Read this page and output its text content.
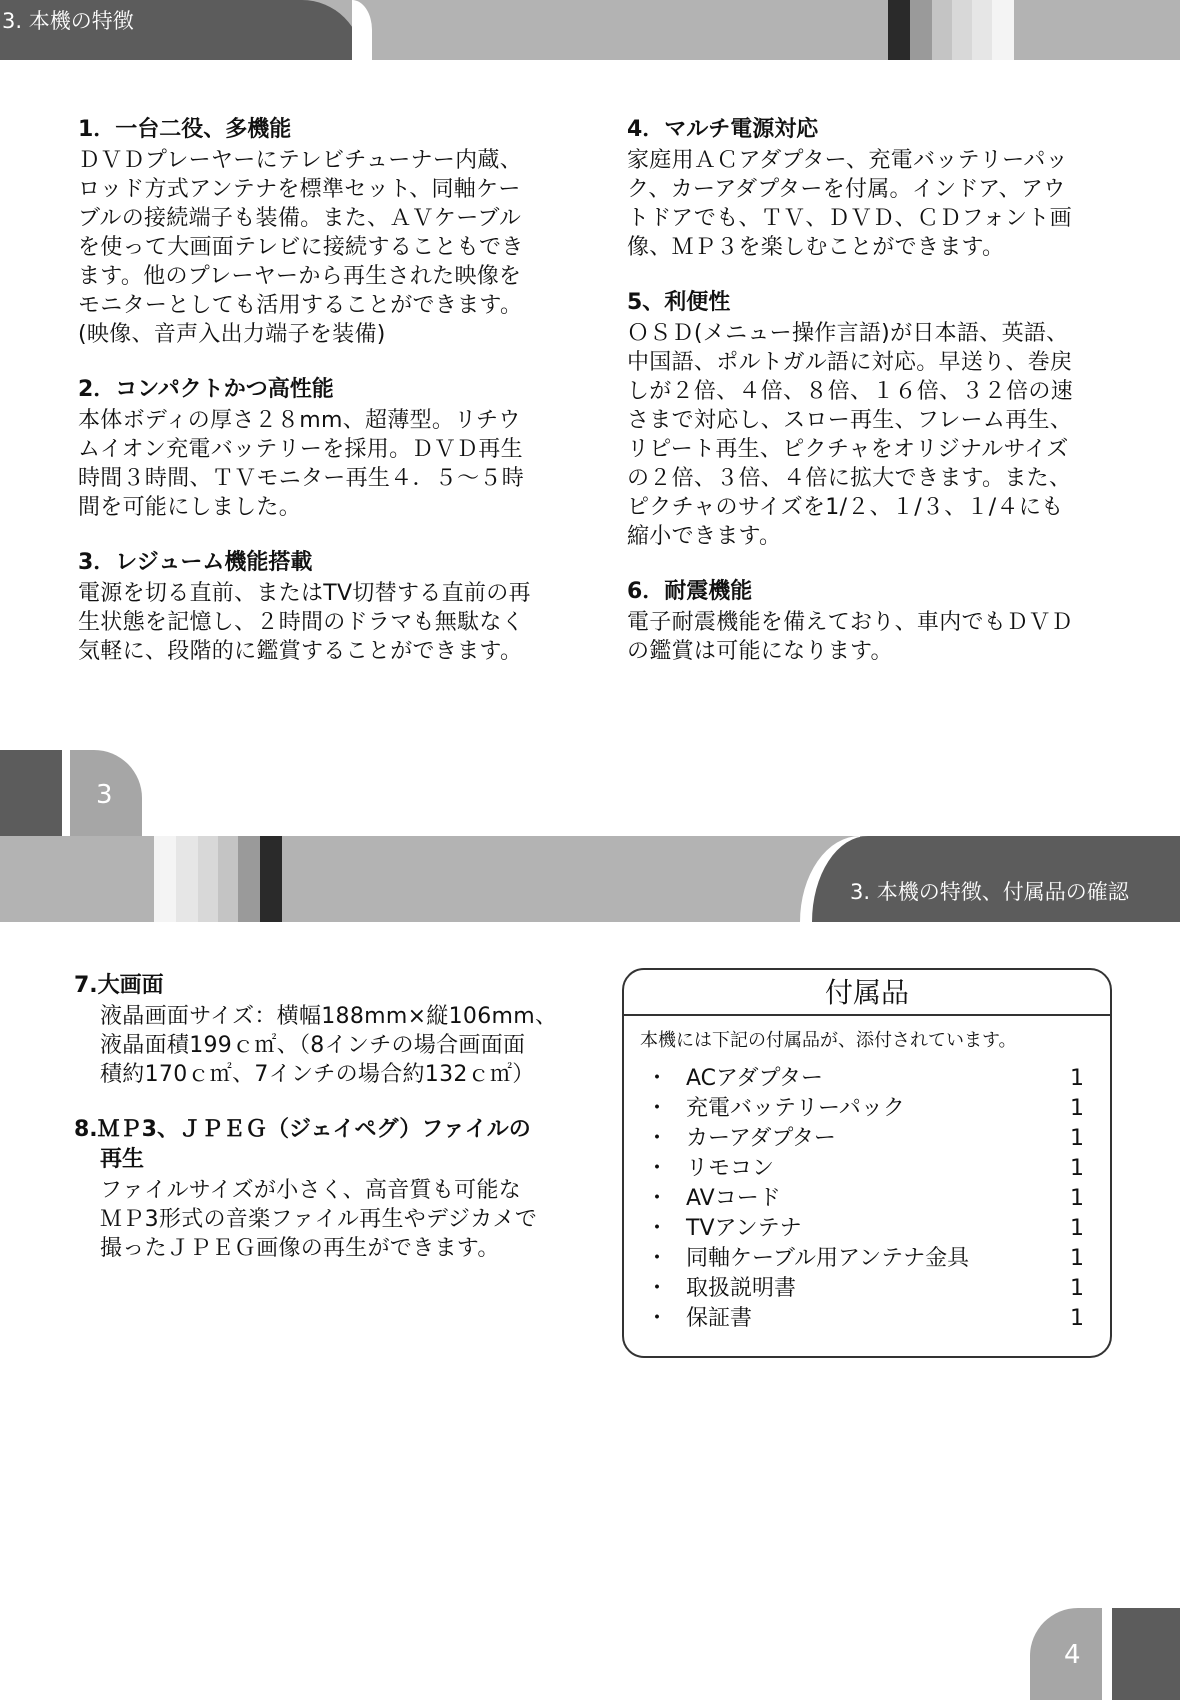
3. 本機の特徴
1．一台二役、多機能
ＤＶＤプレーヤーにテレビチューナー内蔵、
ロッド方式アンテナを標準セット、同軸ケー
ブルの接続端子も装備。また、ＡＶケーブル
を使って大画面テレビに接続することもでき
ます。他のプレーヤーから再生された映像を
モニターとしても活用することができます。
(映像、音声入出力端子を装備)
2．コンパクトかつ高性能
本体ボディの厚さ２８mm、超薄型。リチウ
ムイオン充電バッテリーを採用。ＤＶＤ再生
時間３時間、ＴＶモニター再生４．５～５時
間を可能にしました。
3．レジューム機能搭載
電源を切る直前、またはTV切替する直前の再
生状態を記憶し、２時間のドラマも無駄なく
気軽に、段階的に鑑賞することができます。
4．マルチ電源対応
家庭用ＡＣアダプター、充電バッテリーパッ
ク、カーアダプターを付属。インドア、アウ
トドアでも、ＴＶ、ＤＶＤ、ＣＤフォント画
像、ＭＰ３を楽しむことができます。
5、利便性
ＯＳＤ(メニュー操作言語)が日本語、英語、
中国語、ポルトガル語に対応。早送り、巻戻
しが２倍、４倍、８倍、１６倍、３２倍の速
さまで対応し、スロー再生、フレーム再生、
リピート再生、ピクチャをオリジナルサイズ
の２倍、３倍、４倍に拡大できます。また、
ピクチャのサイズを1/２、１/３、１/４にも
縮小できます。
6．耐震機能
電子耐震機能を備えており、車内でもＤＶＤ
の鑑賞は可能になります。
3
3. 本機の特徴、付属品の確認
7.大画面
液晶画面サイズ：横幅188mm×縦106mm、
液晶面積199ｃ㎡、（8インチの場合画面面
積約170ｃ㎡、7インチの場合約132ｃ㎡）
8.ＭＰ3、ＪＰＥＧ（ジェイペグ）ファイルの
再生
ファイルサイズが小さく、高音質も可能な
ＭＰ3形式の音楽ファイル再生やデジカメで
撮ったＪＰＥＧ画像の再生ができます。
付属品
本機には下記の付属品が、添付されています。
・ ACアダプター	1
・ 充電バッテリーパック	1
・ カーアダプター	1
・ リモコン	1
・ AVコード	1
・ TVアンテナ	1
・ 同軸ケーブル用アンテナ金具	1
・ 取扱説明書	1
・ 保証書	1
4
